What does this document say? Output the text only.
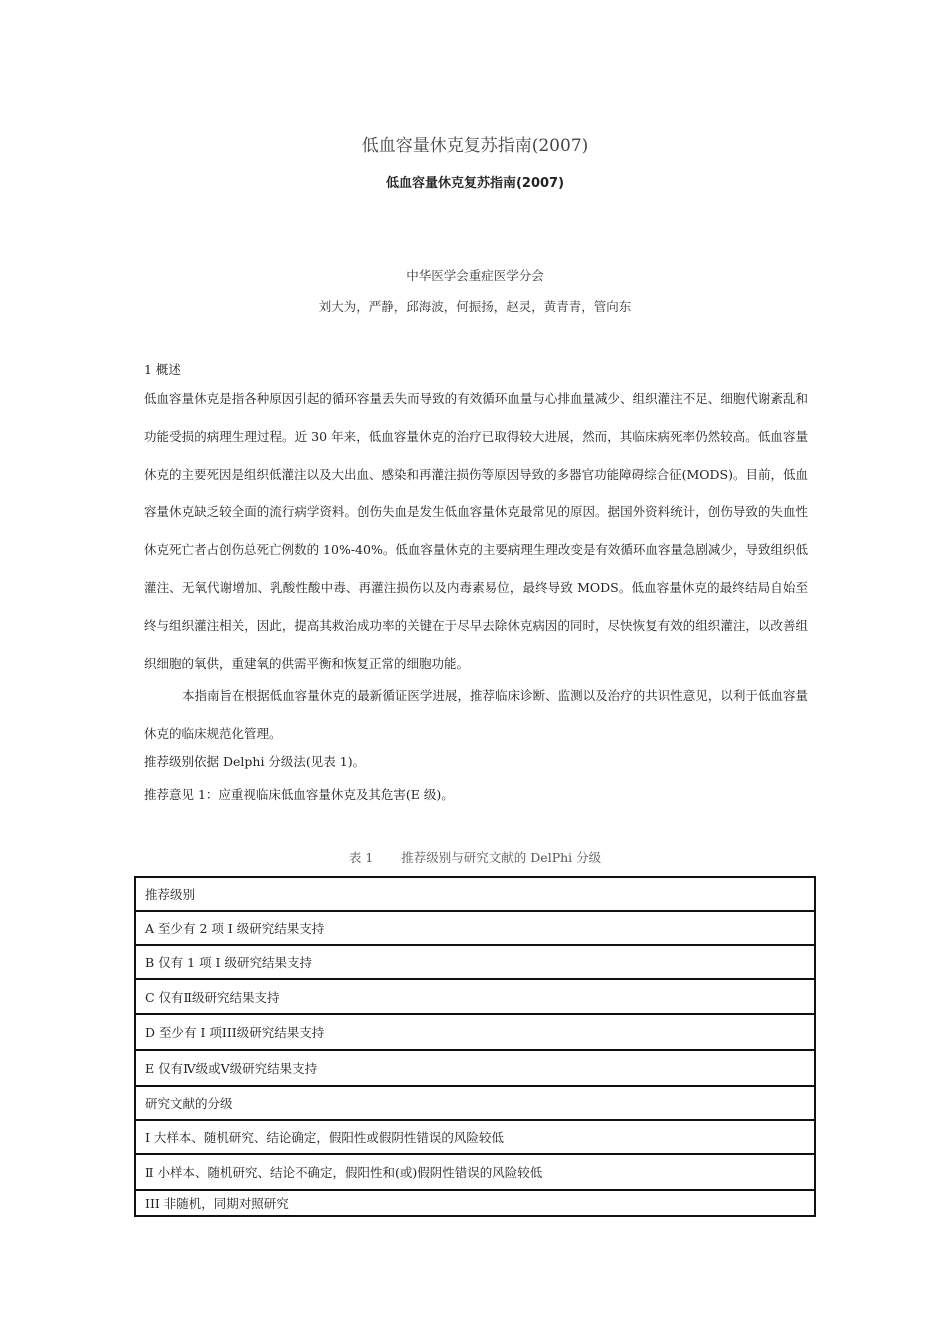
低血容量休克复苏指南(2007)
低血容量休克复苏指南(2007)
中华医学会重症医学分会
刘大为，严静，邱海波，何振扬，赵灵，黄青青，管向东
1 概述

低血容量休克是指各种原因引起的循环容量丢失而导致的有效循环血量与心排血量减少、组织灌注不足、细胞代谢紊乱和功能受损的病理生理过程。近 30 年来，低血容量休克的治疗已取得较大进展，然而，其临床病死率仍然较高。低血容量休克的主要死因是组织低灌注以及大出血、感染和再灌注损伤等原因导致的多器官功能障碍综合征(MODS)。目前，低血容量休克缺乏较全面的流行病学资料。创伤失血是发生低血容量休克最常见的原因。据国外资料统计，创伤导致的失血性休克死亡者占创伤总死亡例数的 10%-40%。低血容量休克的主要病理生理改变是有效循环血容量急剧减少，导致组织低灌注、无氧代谢增加、乳酸性酸中毒、再灌注损伤以及内毒素易位，最终导致 MODS。低血容量休克的最终结局自始至终与组织灌注相关，因此，提高其救治成功率的关键在于尽早去除休克病因的同时，尽快恢复有效的组织灌注，以改善组织细胞的氧供，重建氧的供需平衡和恢复正常的细胞功能。

本指南旨在根据低血容量休克的最新循证医学进展，推荐临床诊断、监测以及治疗的共识性意见，以利于低血容量休克的临床规范化管理。

推荐级别依据 Delphi 分级法(见表 1)。
推荐意见 1：应重视临床低血容量休克及其危害(E 级)。
表 1 推荐级别与研究文献的 DelPhi 分级
推荐级别
A 至少有 2 项 I 级研究结果支持
B 仅有 1 项 I 级研究结果支持
C 仅有Ⅱ级研究结果支持
D 至少有 I 项III级研究结果支持
E 仅有Ⅳ级或Ⅴ级研究结果支持
研究文献的分级
I 大样本、随机研究、结论确定，假阳性或假阴性错误的风险较低
Ⅱ 小样本、随机研究、结论不确定，假阳性和(或)假阴性错误的风险较低
III 非随机，同期对照研究
